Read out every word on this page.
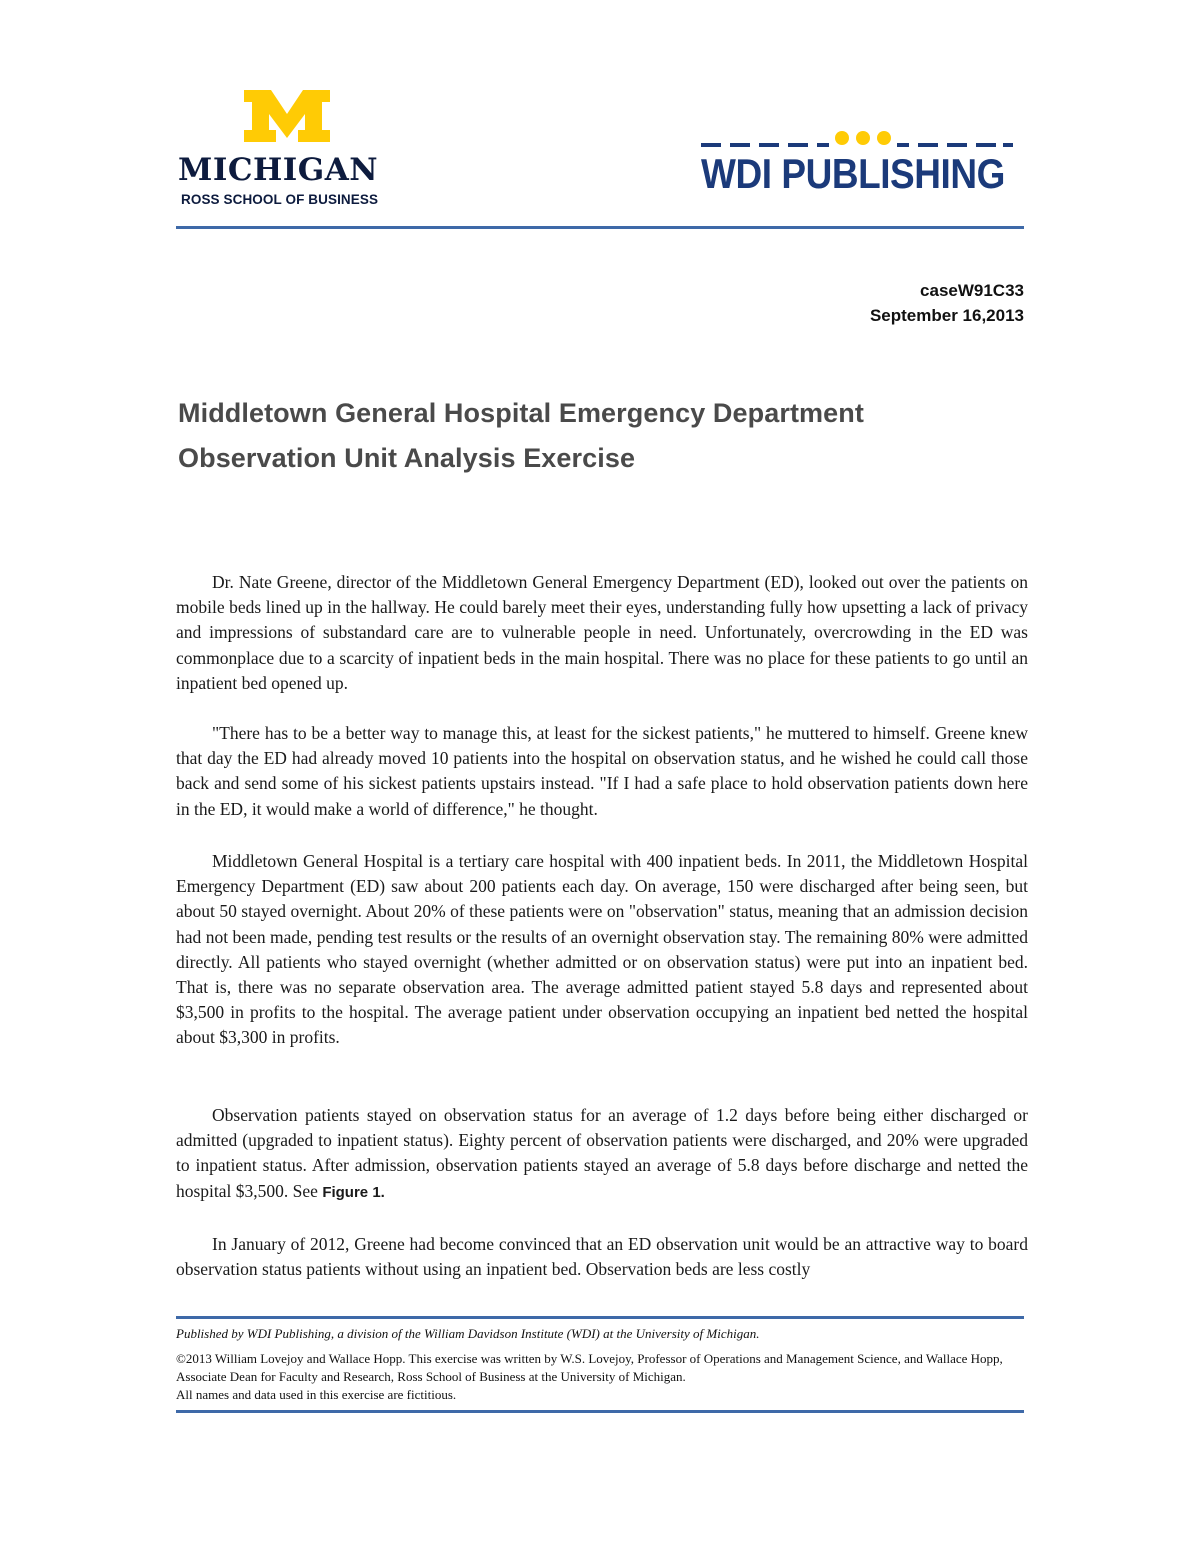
MICHIGAN
ROSS SCHOOL OF BUSINESS
WDI PUBLISHING
caseW91C33
September 16,2013
Middletown General Hospital Emergency Department
Observation Unit Analysis Exercise

Dr. Nate Greene, director of the Middletown General Emergency Department (ED), looked out over the patients on mobile beds lined up in the hallway. He could barely meet their eyes, understanding fully how upsetting a lack of privacy and impressions of substandard care are to vulnerable people in need. Unfortunately, overcrowding in the ED was commonplace due to a scarcity of inpatient beds in the main hospital. There was no place for these patients to go until an inpatient bed opened up.

"There has to be a better way to manage this, at least for the sickest patients," he muttered to himself. Greene knew that day the ED had already moved 10 patients into the hospital on observation status, and he wished he could call those back and send some of his sickest patients upstairs instead. "If I had a safe place to hold observation patients down here in the ED, it would make a world of difference," he thought.

Middletown General Hospital is a tertiary care hospital with 400 inpatient beds. In 2011, the Middletown Hospital Emergency Department (ED) saw about 200 patients each day. On average, 150 were discharged after being seen, but about 50 stayed overnight. About 20% of these patients were on "observation" status, meaning that an admission decision had not been made, pending test results or the results of an overnight observation stay. The remaining 80% were admitted directly. All patients who stayed overnight (whether admitted or on observation status) were put into an inpatient bed. That is, there was no separate observation area. The average admitted patient stayed 5.8 days and represented about $3,500 in profits to the hospital. The average patient under observation occupying an inpatient bed netted the hospital about $3,300 in profits.

Observation patients stayed on observation status for an average of 1.2 days before being either discharged or admitted (upgraded to inpatient status). Eighty percent of observation patients were discharged, and 20% were upgraded to inpatient status. After admission, observation patients stayed an average of 5.8 days before discharge and netted the hospital $3,500. See Figure 1.

In January of 2012, Greene had become convinced that an ED observation unit would be an attractive way to board observation status patients without using an inpatient bed. Observation beds are less costly

Published by WDI Publishing, a division of the William Davidson Institute (WDI) at the University of Michigan.
©2013 William Lovejoy and Wallace Hopp. This exercise was written by W.S. Lovejoy, Professor of Operations and Management Science, and Wallace Hopp, Associate Dean for Faculty and Research, Ross School of Business at the University of Michigan.
All names and data used in this exercise are fictitious.
